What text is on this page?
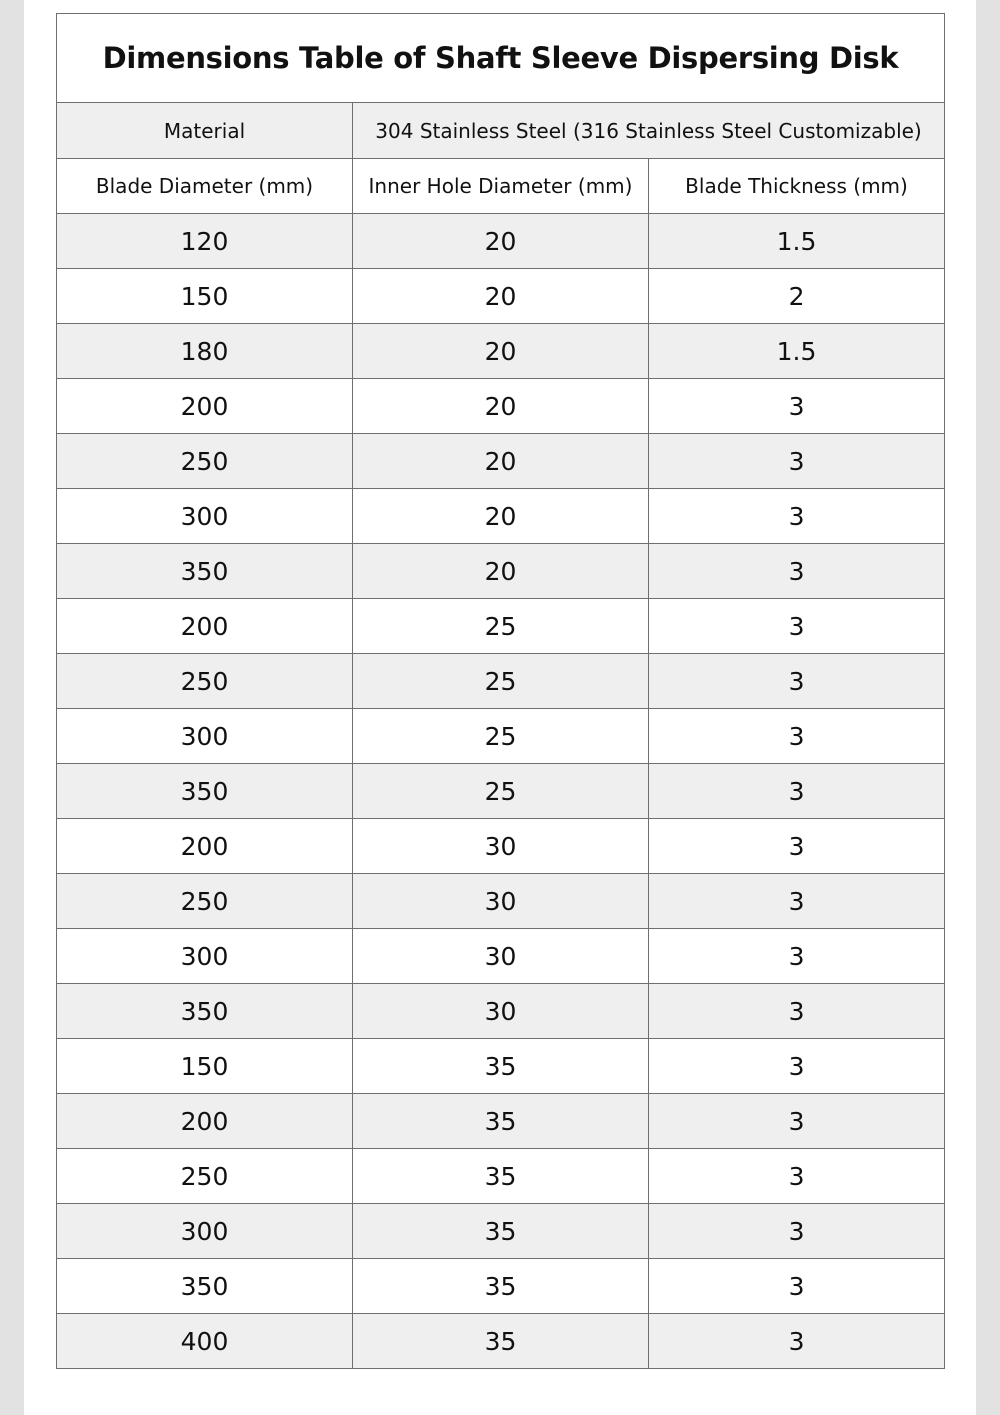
Dimensions Table of Shaft Sleeve Dispersing Disk		
Material	304 Stainless Steel (316 Stainless Steel Customizable)	
Blade Diameter (mm)	Inner Hole Diameter (mm)	Blade Thickness (mm)
120	20	1.5
150	20	2
180	20	1.5
200	20	3
250	20	3
300	20	3
350	20	3
200	25	3
250	25	3
300	25	3
350	25	3
200	30	3
250	30	3
300	30	3
350	30	3
150	35	3
200	35	3
250	35	3
300	35	3
350	35	3
400	35	3
